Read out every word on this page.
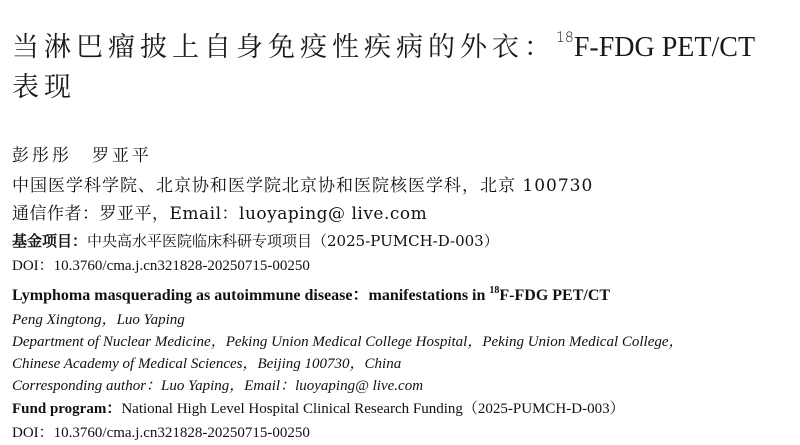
当淋巴瘤披上自身免疫性疾病的外衣：$^{18}$F-FDG PET/CT
表现
彭彤彤　罗亚平
中国医学科学院、北京协和医学院北京协和医院核医学科，北京 100730
通信作者：罗亚平，Email：luoyaping@ live.com
基金项目：中央高水平医院临床科研专项项目（2025-PUMCH-D-003）
DOI：10.3760/cma.j.cn321828-20250715-00250
Lymphoma masquerading as autoimmune disease：manifestations in $^{18}$F-FDG PET/CT
Peng Xingtong，Luo Yaping
Department of Nuclear Medicine，Peking Union Medical College Hospital，Peking Union Medical College，
Chinese Academy of Medical Sciences，Beijing 100730，China
Corresponding author：Luo Yaping，Email：luoyaping@ live.com
Fund program：National High Level Hospital Clinical Research Funding（2025-PUMCH-D-003）
DOI：10.3760/cma.j.cn321828-20250715-00250
